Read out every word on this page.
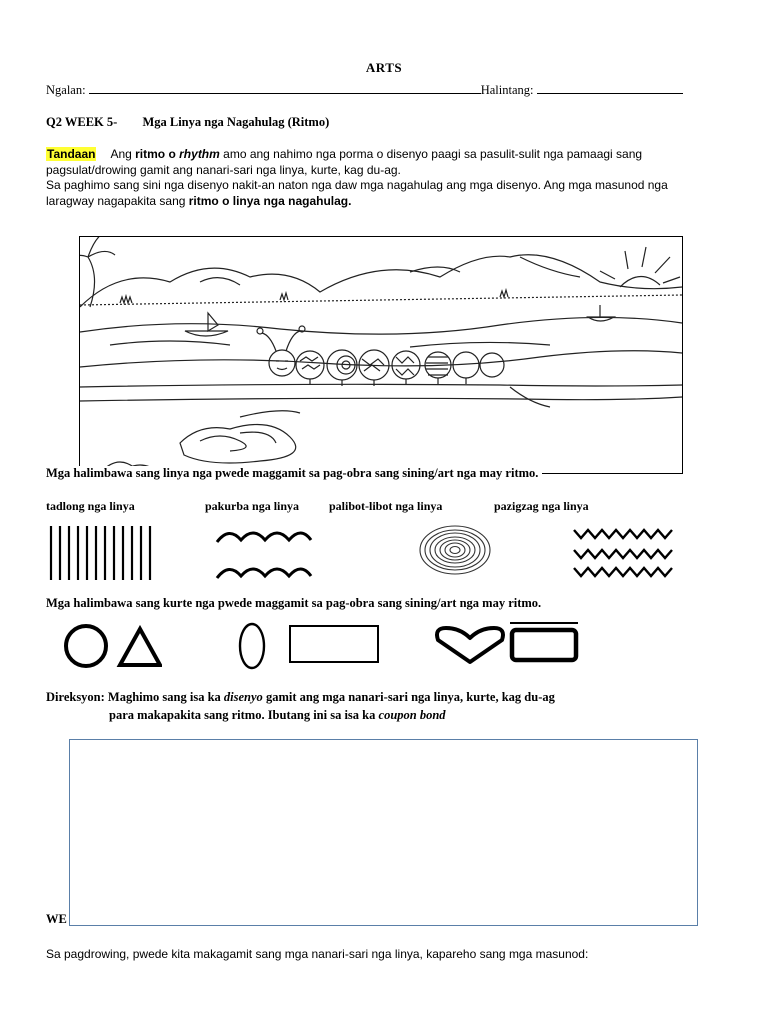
ARTS
Ngalan:	Halintang:
Q2 WEEK 5- Mga Linya nga Nagahulag (Ritmo)
Tandaan Ang ritmo o rhythm amo ang nahimo nga porma o disenyo paagi sa pasulit-sulit nga pamaagi sang
pagsulat/drowing gamit ang nanari-sari nga linya, kurte, kag du-ag.
Sa paghimo sang sini nga disenyo nakit-an naton nga daw mga nagahulag ang mga disenyo. Ang mga masunod nga
laragway nagapakita sang ritmo o linya nga nagahulag.
Mga halimbawa sang linya nga pwede maggamit sa pag-obra sang sining/art nga may ritmo.
tadlong nga linya	pakurba nga linya palibot-libot nga linya	pazigzag nga linya
Mga halimbawa sang kurte nga pwede maggamit sa pag-obra sang sining/art nga may ritmo.
Direksyon: Maghimo sang isa ka disenyo gamit ang mga nanari-sari nga linya, kurte, kag du-ag
para makapakita sang ritmo. Ibutang ini sa isa ka coupon bond
WE
Sa pagdrowing, pwede kita makagamit sang mga nanari-sari nga linya, kapareho sang mga masunod:
